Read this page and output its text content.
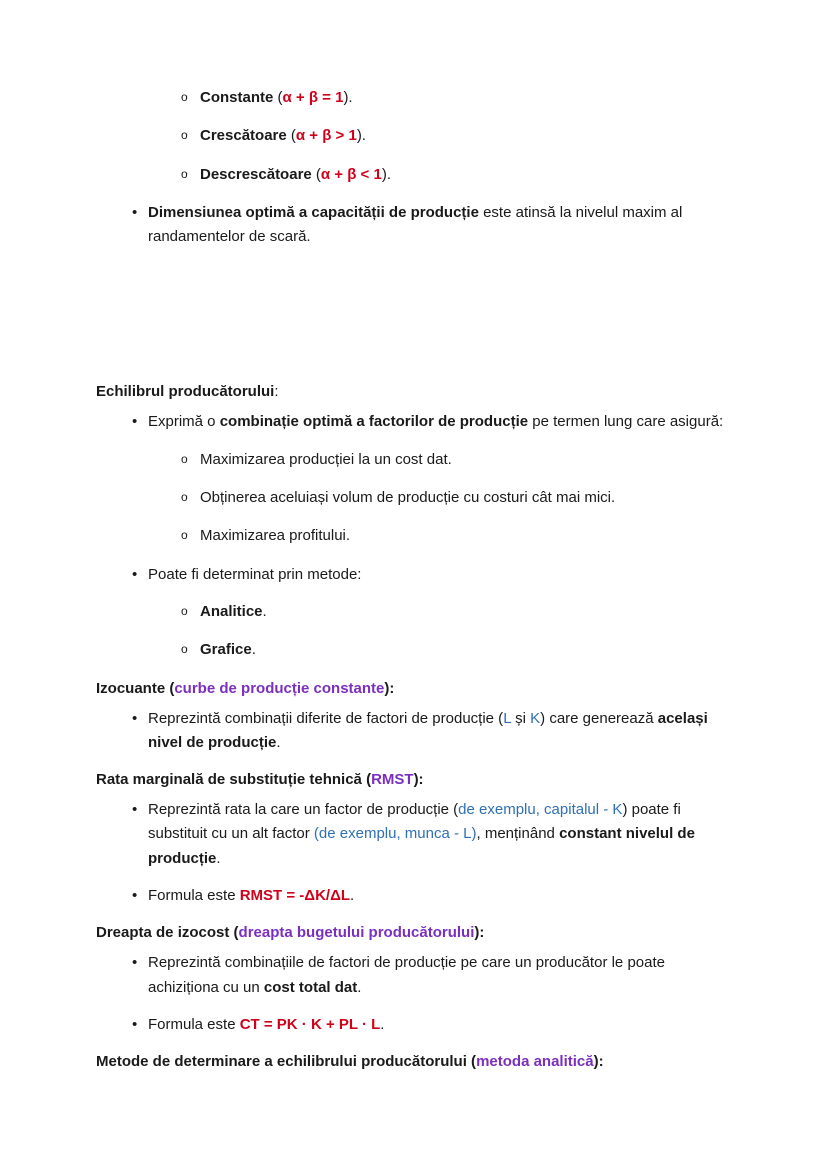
o Constante (α + β = 1).
o Crescătoare (α + β > 1).
o Descrescătoare (α + β < 1).
• Dimensiunea optimă a capacității de producție este atinsă la nivelul maxim al randamentelor de scară.

Echilibrul producătorului:

• Exprimă o combinație optimă a factorilor de producție pe termen lung care asigură:
o Maximizarea producției la un cost dat.
o Obținerea aceluiași volum de producție cu costuri cât mai mici.
o Maximizarea profitului.
• Poate fi determinat prin metode:
o Analitice.
o Grafice.

Izocuante (curbe de producție constante):

• Reprezintă combinații diferite de factori de producție (L și K) care generează același nivel de producție.

Rata marginală de substituție tehnică (RMST):

• Reprezintă rata la care un factor de producție (de exemplu, capitalul - K) poate fi substituit cu un alt factor (de exemplu, munca - L), menținând constant nivelul de producție.
• Formula este RMST = -ΔK/ΔL.

Dreapta de izocost (dreapta bugetului producătorului):

• Reprezintă combinațiile de factori de producție pe care un producător le poate achiziționa cu un cost total dat.
• Formula este CT = PK · K + PL · L.

Metode de determinare a echilibrului producătorului (metoda analitică):
